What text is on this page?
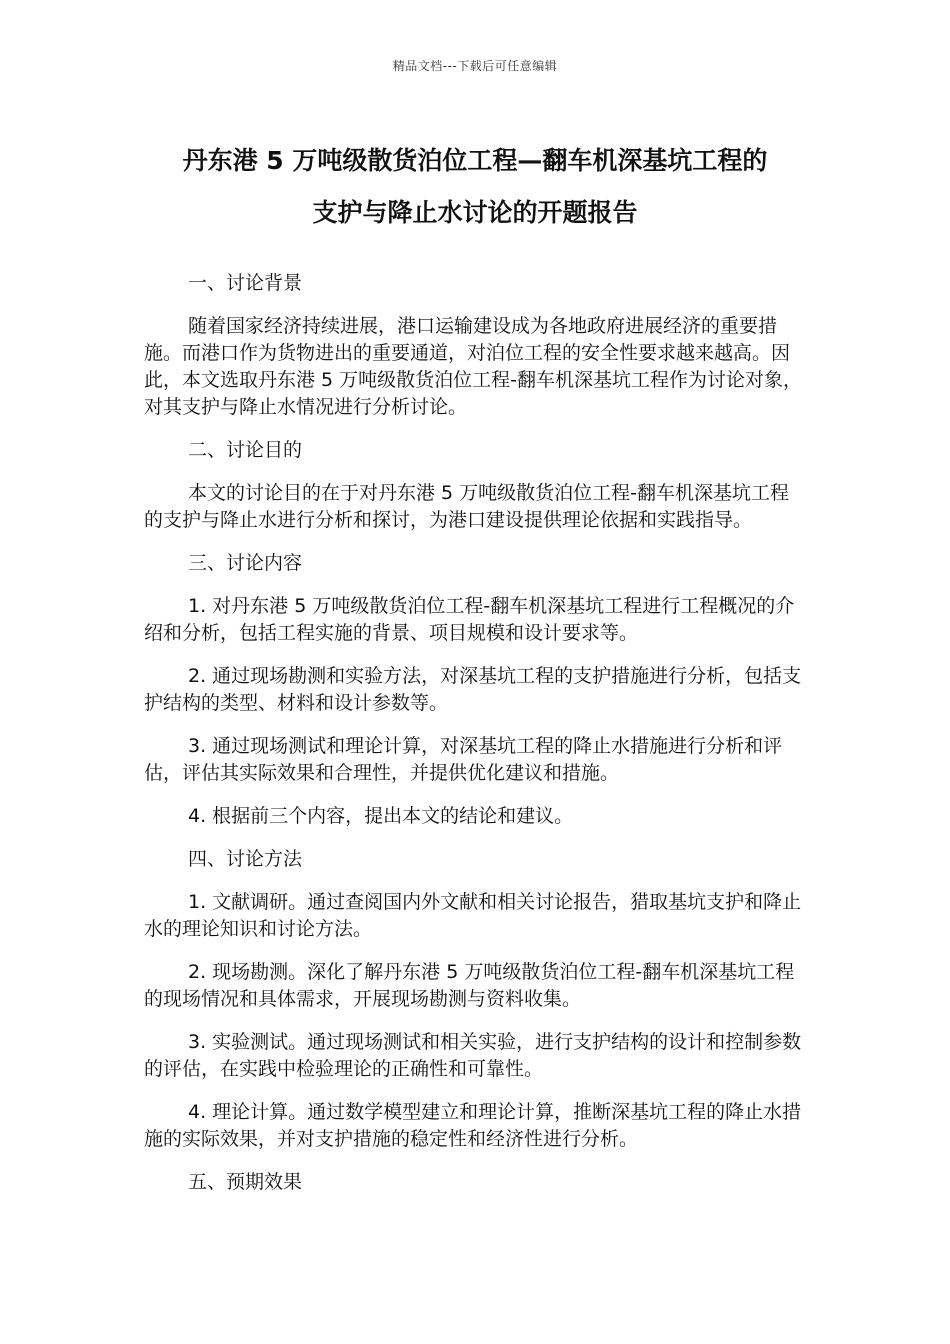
精品文档---下载后可任意编辑
丹东港 5 万吨级散货泊位工程—翻车机深基坑工程的
支护与降止水讨论的开题报告

一、讨论背景

随着国家经济持续进展，港口运输建设成为各地政府进展经济的重要措施。而港口作为货物进出的重要通道，对泊位工程的安全性要求越来越高。因此，本文选取丹东港 5 万吨级散货泊位工程-翻车机深基坑工程作为讨论对象，对其支护与降止水情况进行分析讨论。

二、讨论目的

本文的讨论目的在于对丹东港 5 万吨级散货泊位工程-翻车机深基坑工程的支护与降止水进行分析和探讨，为港口建设提供理论依据和实践指导。

三、讨论内容

1. 对丹东港 5 万吨级散货泊位工程-翻车机深基坑工程进行工程概况的介绍和分析，包括工程实施的背景、项目规模和设计要求等。

2. 通过现场勘测和实验方法，对深基坑工程的支护措施进行分析，包括支护结构的类型、材料和设计参数等。

3. 通过现场测试和理论计算，对深基坑工程的降止水措施进行分析和评估，评估其实际效果和合理性，并提供优化建议和措施。

4. 根据前三个内容，提出本文的结论和建议。

四、讨论方法

1. 文献调研。通过查阅国内外文献和相关讨论报告，猎取基坑支护和降止水的理论知识和讨论方法。

2. 现场勘测。深化了解丹东港 5 万吨级散货泊位工程-翻车机深基坑工程的现场情况和具体需求，开展现场勘测与资料收集。

3. 实验测试。通过现场测试和相关实验，进行支护结构的设计和控制参数的评估，在实践中检验理论的正确性和可靠性。

4. 理论计算。通过数学模型建立和理论计算，推断深基坑工程的降止水措施的实际效果，并对支护措施的稳定性和经济性进行分析。

五、预期效果
